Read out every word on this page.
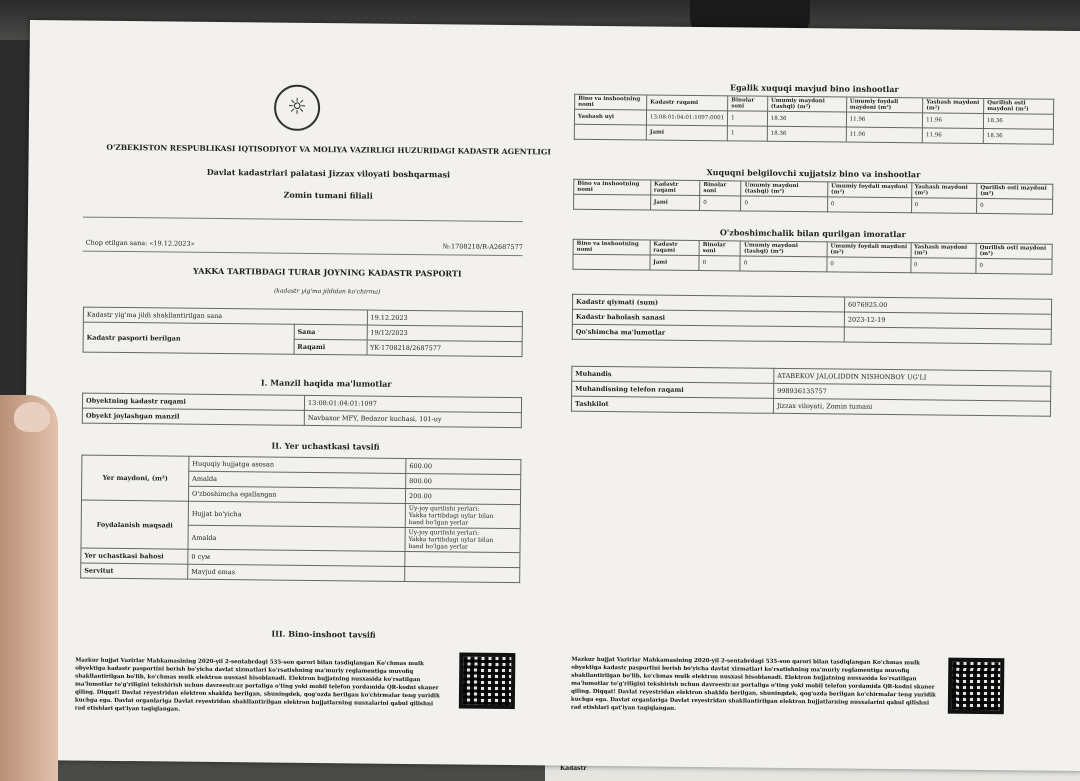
Kadastr
☼
O'ZBEKISTON RESPUBLIKASI IQTISODIYOT VA MOLIYA VAZIRLIGI HUZURIDAGI KADASTR AGENTLIGI
Davlat kadastrlari palatasi Jizzax viloyati boshqarmasi
Zomin tumani filiali
Chop etilgan sana: «19.12.2023»	№:1708218/R-A2687577
YAKKA TARTIBDAGI TURAR JOYNING KADASTR PASPORTI
(kadastr yig'ma jildidan ko'chirma)
Kadastr yig'ma jildi shakllantirilgan sana		19.12.2023
Kadastr pasporti berilgan	Sana	19/12/2023
	Raqami	YK-1708218/2687577
I. Manzil haqida ma'lumotlar
Obyektning kadastr raqami	13:08:01:04:01:1097
Obyekt joylashgan manzil	Navbaxor MFY, Bedazor kuchasi, 101-uy
II. Yer uchastkasi tavsifi
Yer maydoni, (m²)	Huquqiy hujjatga asosan	600.00
	Amalda	800.00
	O'zboshimcha egallangan	200.00
Foydalanish maqsadi	Hujjat bo'yicha	Uy-joy qurilishi yerlari:
Yakka tartibdagi uylar bilan
band bo'lgan yerlar
	Amalda	Uy-joy qurilishi yerlari:
Yakka tartibdagi uylar bilan
band bo'lgan yerlar
Yer uchastkasi bahosi	0 сум	
Servitut	Mavjud emas	
III. Bino-inshoot tavsifi
Mazkur hujjat Vazirlar Mahkamasining 2020-yil 2-sentabrdagi 535-son qarori bilan tasdiqlangan Ko'chmas mulk obyektiga kadastr pasportini berish bo'yicha davlat xizmatlari ko'rsatishning ma'muriy reglamentiga muvofiq shakllantirilgan bo'lib, ko'chmas mulk elektron nusxasi hisoblanadi. Elektron hujjatning nusxasida ko'rsatilgan ma'lumotlar to'g'riligini tekshirish uchun davreestr.uz portaliga o'ting yoki mobil telefon yordamida QR-kodni skaner qiling. Diqqat! Davlat reyestridan elektron shaklda berilgan, shuningdek, qog'ozda berilgan ko'chirmalar teng yuridik kuchga ega. Davlat organlariga Davlat reyestridan shakllantirilgan elektron hujjatlarning nusxalarini qabul qilishni rad etishlari qat'iyan taqiqlangan.
Egalik xuquqi mavjud bino inshootlar
Bino va inshootning nomi	Kadastr raqami	Binolar soni	Umumiy maydoni (tashqi) (m²)	Umumiy foydali maydoni (m²)	Yashash maydoni (m²)	Qurilish osti maydoni (m²)
Yashash uyi	13:08:01:04:01:1097:0001	1	18.36	11.96	11.96	18.36
	Jami	1	18.36	11.96	11.96	18.36
Xuquqni belgilovchi xujjatsiz bino va inshootlar
Bino va inshootning nomi	Kadastr raqami	Binolar soni	Umumiy maydoni (tashqi) (m²)	Umumiy foydali maydoni (m²)	Yashash maydoni (m²)	Qurilish osti maydoni (m²)
	Jami	0	0	0	0	0
O'zboshimchalik bilan qurilgan imoratlar
Bino va inshootning nomi	Kadastr raqami	Binolar soni	Umumiy maydoni (tashqi) (m²)	Umumiy foydali maydoni (m²)	Yashash maydoni (m²)	Qurilish osti maydoni (m²)
	Jami	0	0	0	0	0
Kadastr qiymati (sum)	6076925.00
Kadastr baholash sanasi	2023-12-19
Qo'shimcha ma'lumotlar	
Muhandis	ATABEKOV JALOLIDDIN NISHONBOY UG'LI
Muhandisning telefon raqami	998936135757
Tashkilot	Jizzax viloyati, Zomin tumani
Mazkur hujjat Vazirlar Mahkamasining 2020-yil 2-sentabrdagi 535-son qarori bilan tasdiqlangan Ko'chmas mulk obyektiga kadastr pasportini berish bo'yicha davlat xizmatlari ko'rsatishning ma'muriy reglamentiga muvofiq shakllantirilgan bo'lib, ko'chmas mulk elektron nusxasi hisoblanadi. Elektron hujjatning nusxasida ko'rsatilgan ma'lumotlar to'g'riligini tekshirish uchun davreestr.uz portaliga o'ting yoki mobil telefon yordamida QR-kodni skaner qiling. Diqqat! Davlat reyestridan elektron shaklda berilgan, shuningdek, qog'ozda berilgan ko'chirmalar teng yuridik kuchga ega. Davlat organlariga Davlat reyestridan shakllantirilgan elektron hujjatlarning nusxalarini qabul qilishni rad etishlari qat'iyan taqiqlangan.
